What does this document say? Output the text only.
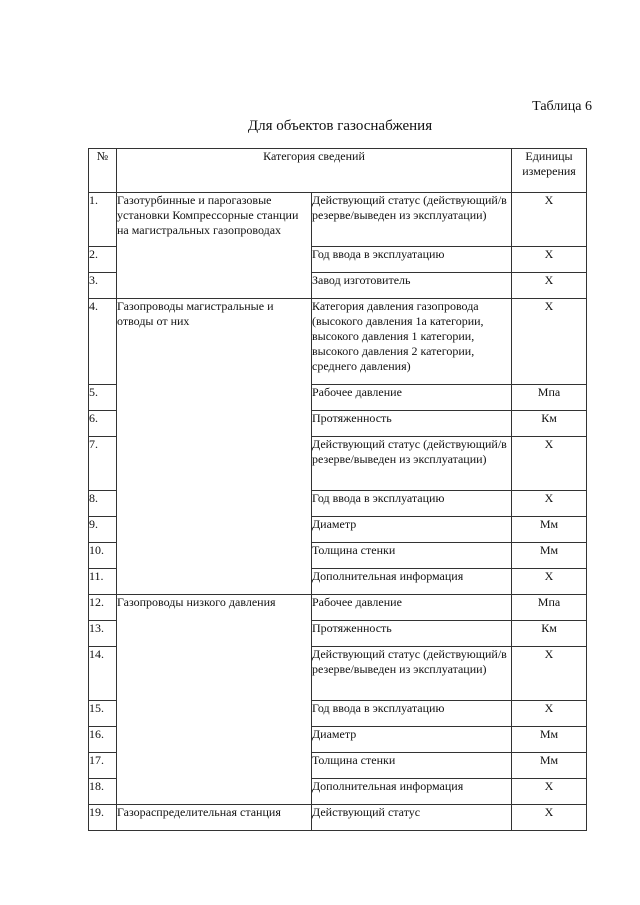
Таблица 6
Для объектов газоснабжения
№	Категория сведений		Единицы измерения
1.	Газотурбинные и парогазовые установки Компрессорные станции на магистральных газопроводах	Действующий статус (действующий/в резерве/выведен из эксплуатации)	X
2.		Год ввода в эксплуатацию	X
3.		Завод изготовитель	X
4.	Газопроводы магистральные и отводы от них	Категория давления газопровода (высокого давления 1а категории, высокого давления 1 категории, высокого давления 2 категории, среднего давления)	X
5.		Рабочее давление	Мпа
6.		Протяженность	Км
7.		Действующий статус (действующий/в резерве/выведен из эксплуатации)	X
8.		Год ввода в эксплуатацию	X
9.		Диаметр	Мм
10.		Толщина стенки	Мм
11.		Дополнительная информация	X
12.	Газопроводы низкого давления	Рабочее давление	Мпа
13.		Протяженность	Км
14.		Действующий статус (действующий/в резерве/выведен из эксплуатации)	X
15.		Год ввода в эксплуатацию	X
16.		Диаметр	Мм
17.		Толщина стенки	Мм
18.		Дополнительная информация	X
19.	Газораспределительная станция	Действующий статус	X
